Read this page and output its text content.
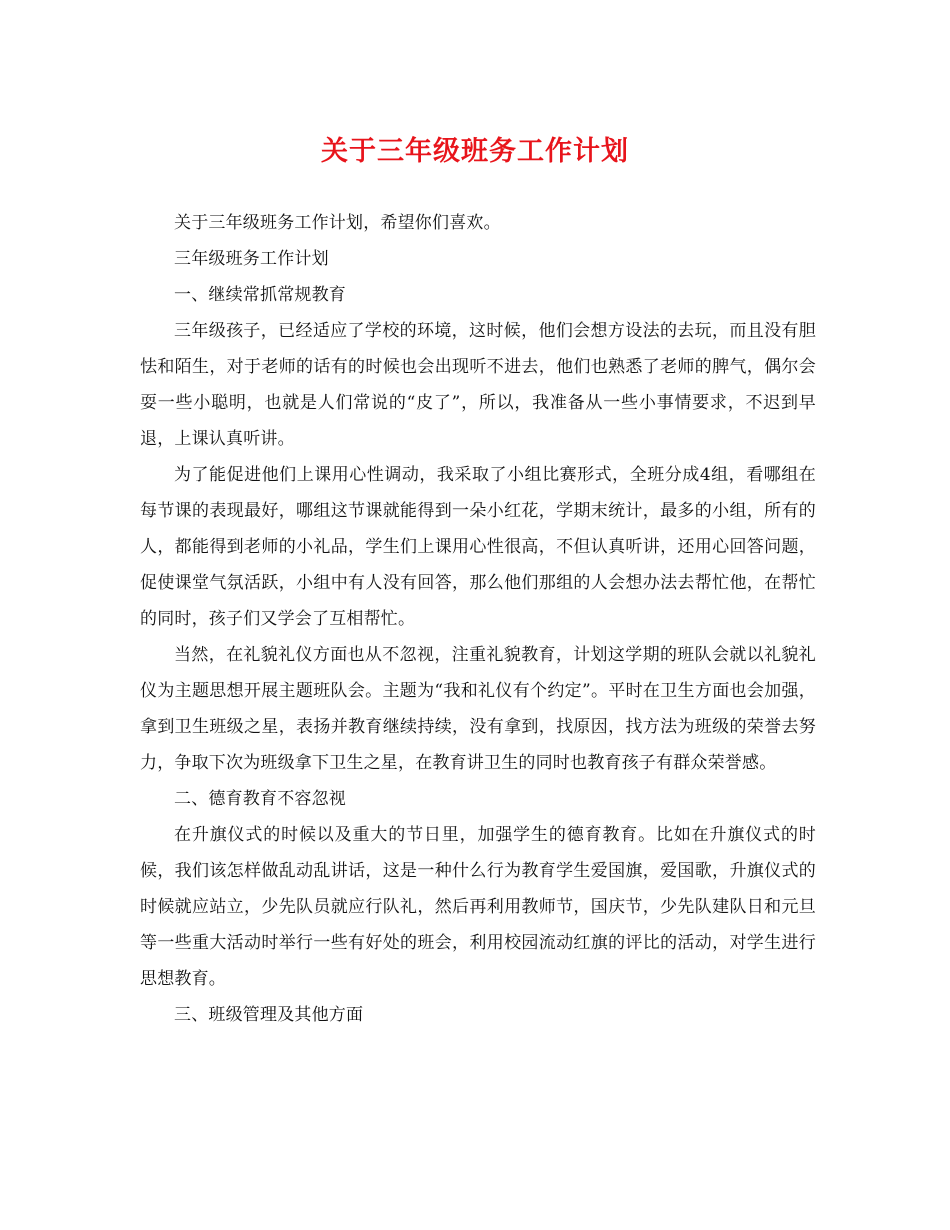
关于三年级班务工作计划

关于三年级班务工作计划，希望你们喜欢。

三年级班务工作计划

一、继续常抓常规教育

三年级孩子，已经适应了学校的环境，这时候，他们会想方设法的去玩，而且没有胆怯和陌生，对于老师的话有的时候也会出现听不进去，他们也熟悉了老师的脾气，偶尔会耍一些小聪明，也就是人们常说的“皮了”，所以，我准备从一些小事情要求，不迟到早退，上课认真听讲。

为了能促进他们上课用心性调动，我采取了小组比赛形式，全班分成4组，看哪组在每节课的表现最好，哪组这节课就能得到一朵小红花，学期末统计，最多的小组，所有的人，都能得到老师的小礼品，学生们上课用心性很高，不但认真听讲，还用心回答问题，促使课堂气氛活跃，小组中有人没有回答，那么他们那组的人会想办法去帮忙他，在帮忙的同时，孩子们又学会了互相帮忙。

当然，在礼貌礼仪方面也从不忽视，注重礼貌教育，计划这学期的班队会就以礼貌礼仪为主题思想开展主题班队会。主题为“我和礼仪有个约定”。平时在卫生方面也会加强，拿到卫生班级之星，表扬并教育继续持续，没有拿到，找原因，找方法为班级的荣誉去努力，争取下次为班级拿下卫生之星，在教育讲卫生的同时也教育孩子有群众荣誉感。

二、德育教育不容忽视

在升旗仪式的时候以及重大的节日里，加强学生的德育教育。比如在升旗仪式的时候，我们该怎样做乱动乱讲话，这是一种什么行为教育学生爱国旗，爱国歌，升旗仪式的时候就应站立，少先队员就应行队礼，然后再利用教师节，国庆节，少先队建队日和元旦等一些重大活动时举行一些有好处的班会，利用校园流动红旗的评比的活动，对学生进行思想教育。

三、班级管理及其他方面
